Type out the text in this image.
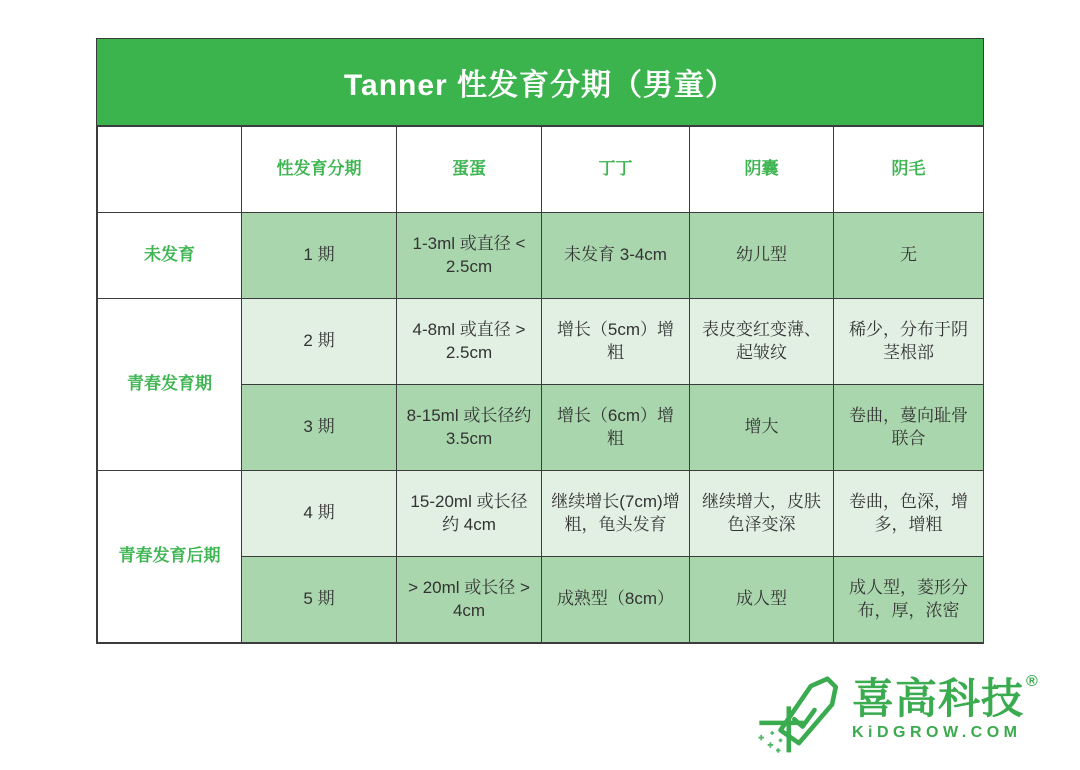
Tanner 性发育分期（男童）
	性发育分期	蛋蛋	丁丁	阴囊	阴毛
未发育	1 期	1-3ml 或直径 < 2.5cm	未发育 3-4cm	幼儿型	无
青春发育期	2 期	4-8ml 或直径 > 2.5cm	增长（5cm）增粗	表皮变红变薄、起皱纹	稀少，分布于阴茎根部
	3 期	8-15ml 或长径约 3.5cm	增长（6cm）增粗	增大	卷曲，蔓向耻骨联合
青春发育后期	4 期	15-20ml 或长径约 4cm	继续增长(7cm)增粗，龟头发育	继续增大，皮肤色泽变深	卷曲，色深，增多，增粗
	5 期	> 20ml 或长径 > 4cm	成熟型（8cm）	成人型	成人型，菱形分布，厚，浓密
喜高科技 ®
KiDGROW.COM
